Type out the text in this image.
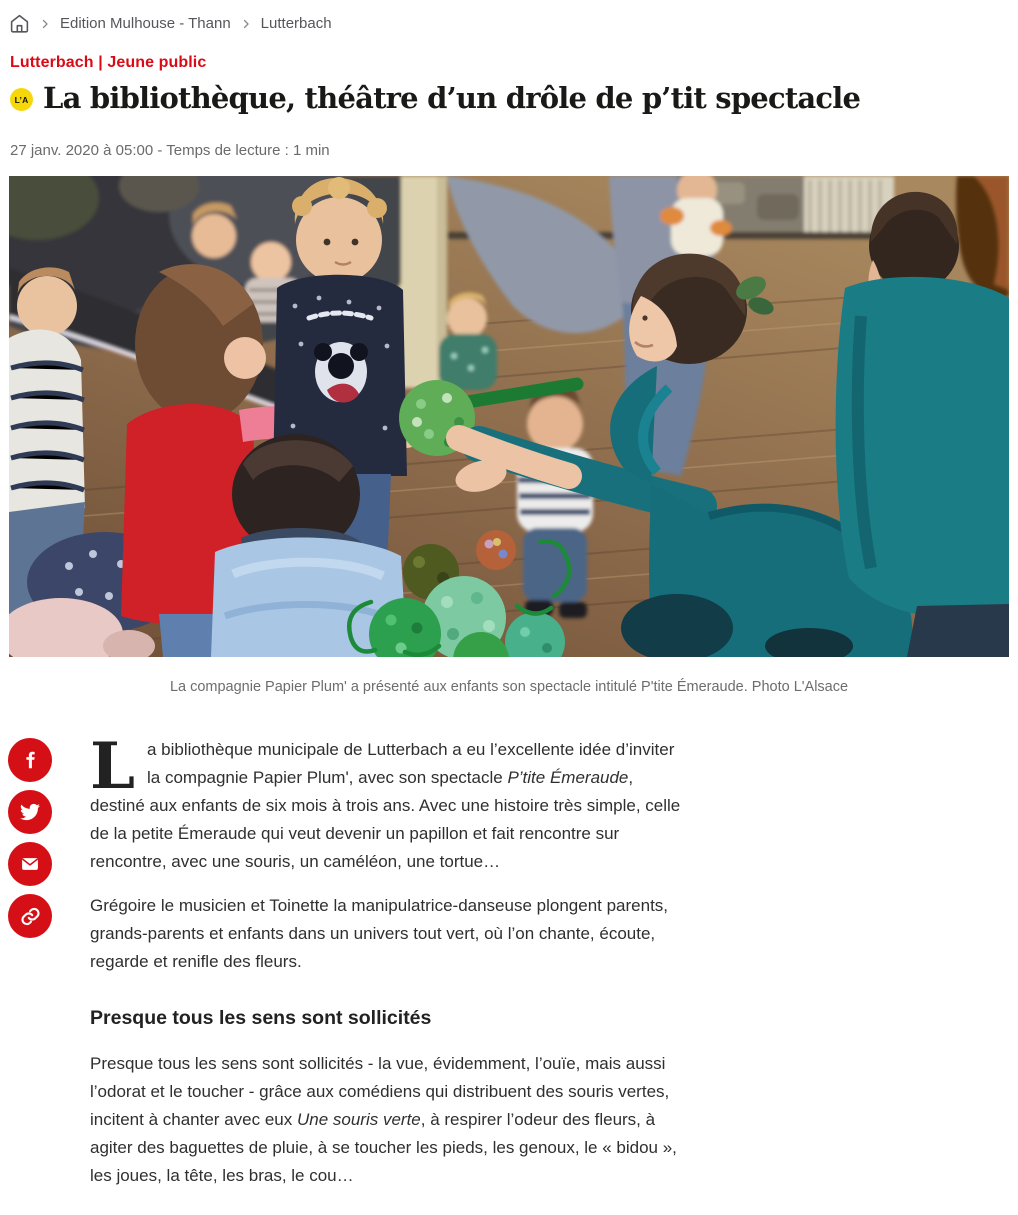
Edition Mulhouse - Thann Lutterbach
Lutterbach | Jeune public
L’A La bibliothèque, théâtre d’un drôle de p’tit spectacle
27 janv. 2020 à 05:00 - Temps de lecture : 1 min
La compagnie Papier Plum' a présenté aux enfants son spectacle intitulé P'tite Émeraude. Photo L'Alsace

La bibliothèque municipale de Lutterbach a eu l’excellente idée d’inviter la compagnie Papier Plum', avec son spectacle P’tite Émeraude, destiné aux enfants de six mois à trois ans. Avec une histoire très simple, celle de la petite Émeraude qui veut devenir un papillon et fait rencontre sur rencontre, avec une souris, un caméléon, une tortue…

Grégoire le musicien et Toinette la manipulatrice-danseuse plongent parents, grands-parents et enfants dans un univers tout vert, où l’on chante, écoute, regarde et renifle des fleurs.

Presque tous les sens sont sollicités

Presque tous les sens sont sollicités - la vue, évidemment, l’ouïe, mais aussi l’odorat et le toucher - grâce aux comédiens qui distribuent des souris vertes, incitent à chanter avec eux Une souris verte, à respirer l’odeur des fleurs, à agiter des baguettes de pluie, à se toucher les pieds, les genoux, le « bidou », les joues, la tête, les bras, le cou…
